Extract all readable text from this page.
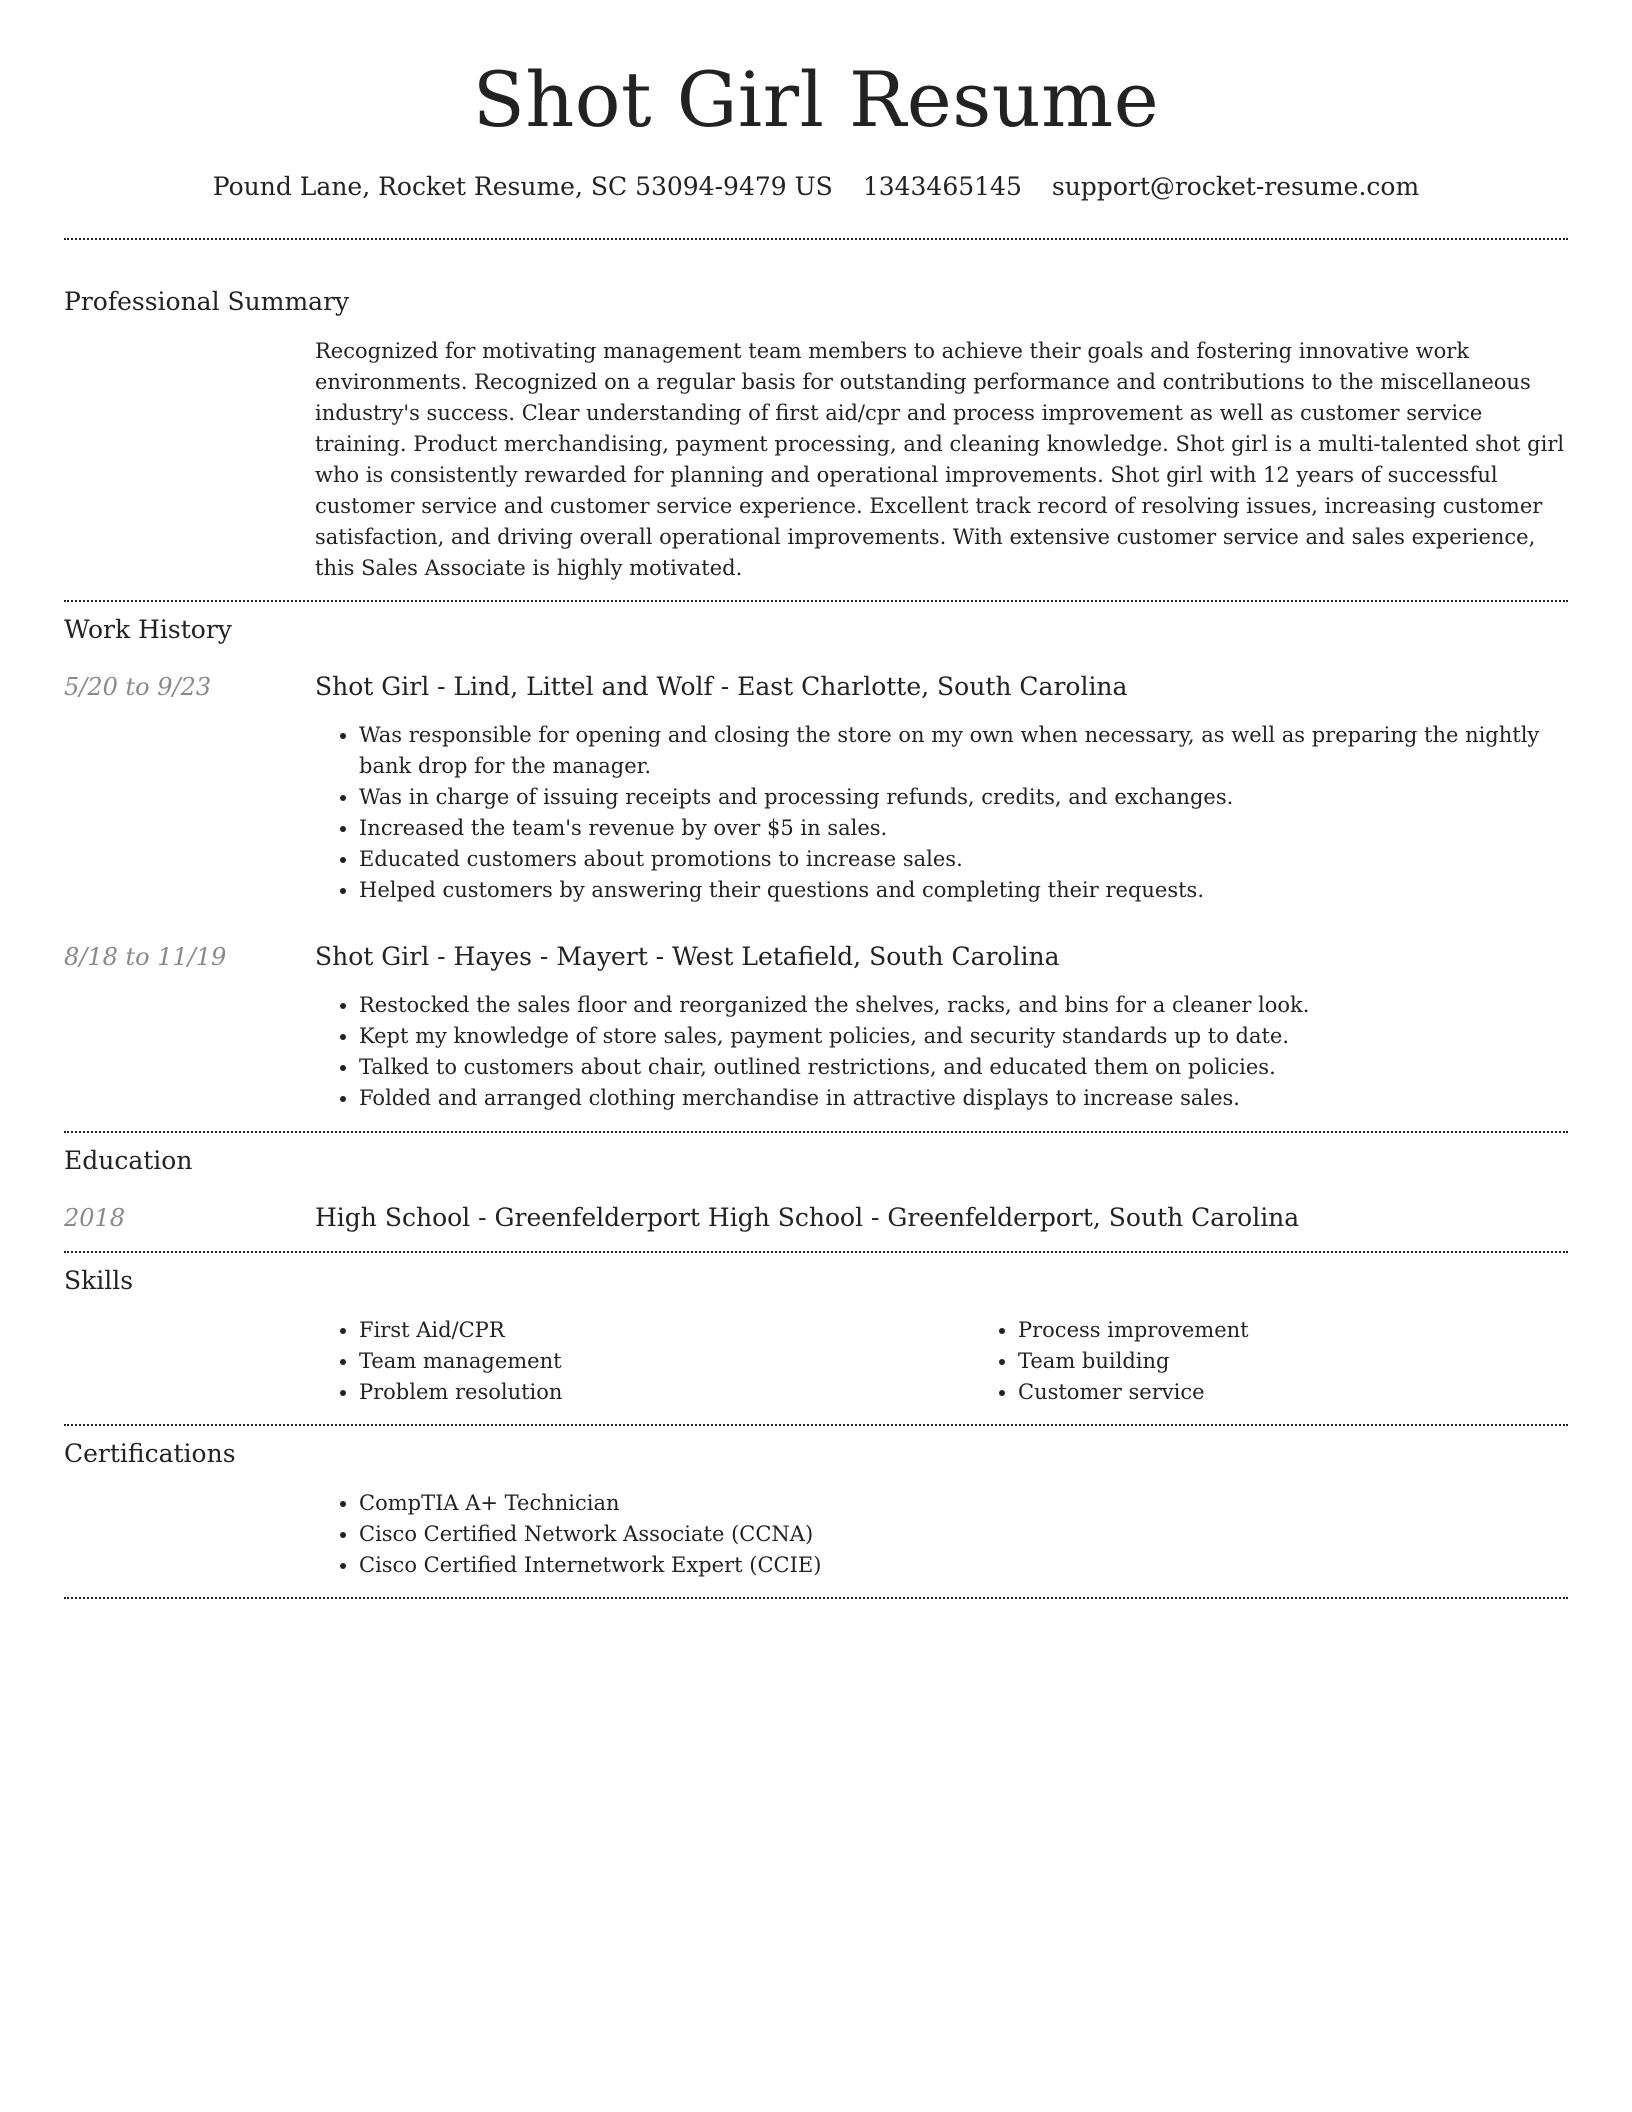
Shot Girl Resume
Pound Lane, Rocket Resume, SC 53094-9479 US 1343465145 support@rocket-resume.com
Professional Summary

Recognized for motivating management team members to achieve their goals and fostering innovative work environments. Recognized on a regular basis for outstanding performance and contributions to the miscellaneous industry's success. Clear understanding of first aid/cpr and process improvement as well as customer service training. Product merchandising, payment processing, and cleaning knowledge. Shot girl is a multi-talented shot girl who is consistently rewarded for planning and operational improvements. Shot girl with 12 years of successful customer service and customer service experience. Excellent track record of resolving issues, increasing customer satisfaction, and driving overall operational improvements. With extensive customer service and sales experience, this Sales Associate is highly motivated.

Work History
5/20 to 9/23	Shot Girl - Lind, Littel and Wolf - East Charlotte, South Carolina
• Was responsible for opening and closing the store on my own when necessary, as well as preparing the nightly bank drop for the manager.
• Was in charge of issuing receipts and processing refunds, credits, and exchanges.
• Increased the team's revenue by over $5 in sales.
• Educated customers about promotions to increase sales.
• Helped customers by answering their questions and completing their requests.
8/18 to 11/19	Shot Girl - Hayes - Mayert - West Letafield, South Carolina
• Restocked the sales floor and reorganized the shelves, racks, and bins for a cleaner look.
• Kept my knowledge of store sales, payment policies, and security standards up to date.
• Talked to customers about chair, outlined restrictions, and educated them on policies.
• Folded and arranged clothing merchandise in attractive displays to increase sales.
Education
2018	High School - Greenfelderport High School - Greenfelderport, South Carolina
Skills
• First Aid/CPR
• Team management
• Problem resolution
• Process improvement
• Team building
• Customer service
Certifications
• CompTIA A+ Technician
• Cisco Certified Network Associate (CCNA)
• Cisco Certified Internetwork Expert (CCIE)
